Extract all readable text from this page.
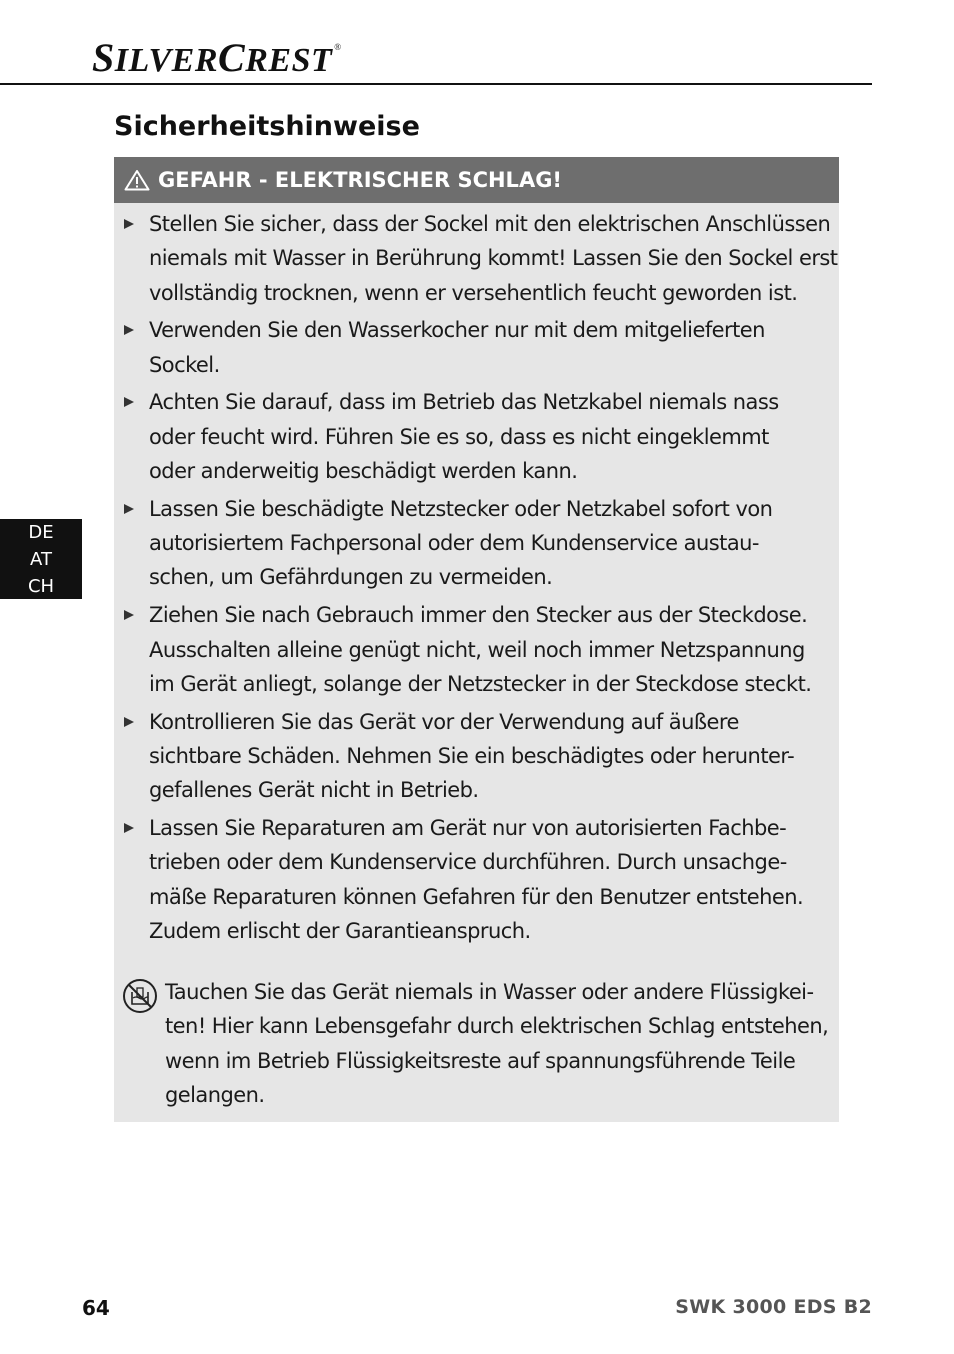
SILVERCREST ®
Sicherheitshinweise
GEFAHR - ELEKTRISCHER SCHLAG!
Stellen Sie sicher, dass der Sockel mit den elektrischen Anschlüssen
niemals mit Wasser in Berührung kommt! Lassen Sie den Sockel erst
vollständig trocknen, wenn er versehentlich feucht geworden ist.
Verwenden Sie den Wasserkocher nur mit dem mitgelieferten
Sockel.
Achten Sie darauf, dass im Betrieb das Netzkabel niemals nass
oder feucht wird. Führen Sie es so, dass es nicht eingeklemmt
oder anderweitig beschädigt werden kann.
Lassen Sie beschädigte Netzstecker oder Netzkabel sofort von
autorisiertem Fachpersonal oder dem Kundenservice austau-
schen, um Gefährdungen zu vermeiden.
Ziehen Sie nach Gebrauch immer den Stecker aus der Steckdose.
Ausschalten alleine genügt nicht, weil noch immer Netzspannung
im Gerät anliegt, solange der Netzstecker in der Steckdose steckt.
Kontrollieren Sie das Gerät vor der Verwendung auf äußere
sichtbare Schäden. Nehmen Sie ein beschädigtes oder herunter-
gefallenes Gerät nicht in Betrieb.
Lassen Sie Reparaturen am Gerät nur von autorisierten Fachbe-
trieben oder dem Kundenservice durchführen. Durch unsachge-
mäße Reparaturen können Gefahren für den Benutzer entstehen.
Zudem erlischt der Garantieanspruch.
Tauchen Sie das Gerät niemals in Wasser oder andere Flüssigkei-
ten! Hier kann Lebensgefahr durch elektrischen Schlag entstehen,
wenn im Betrieb Flüssigkeitsreste auf spannungsführende Teile
gelangen.
DE
AT
CH
64	SWK 3000 EDS B2
